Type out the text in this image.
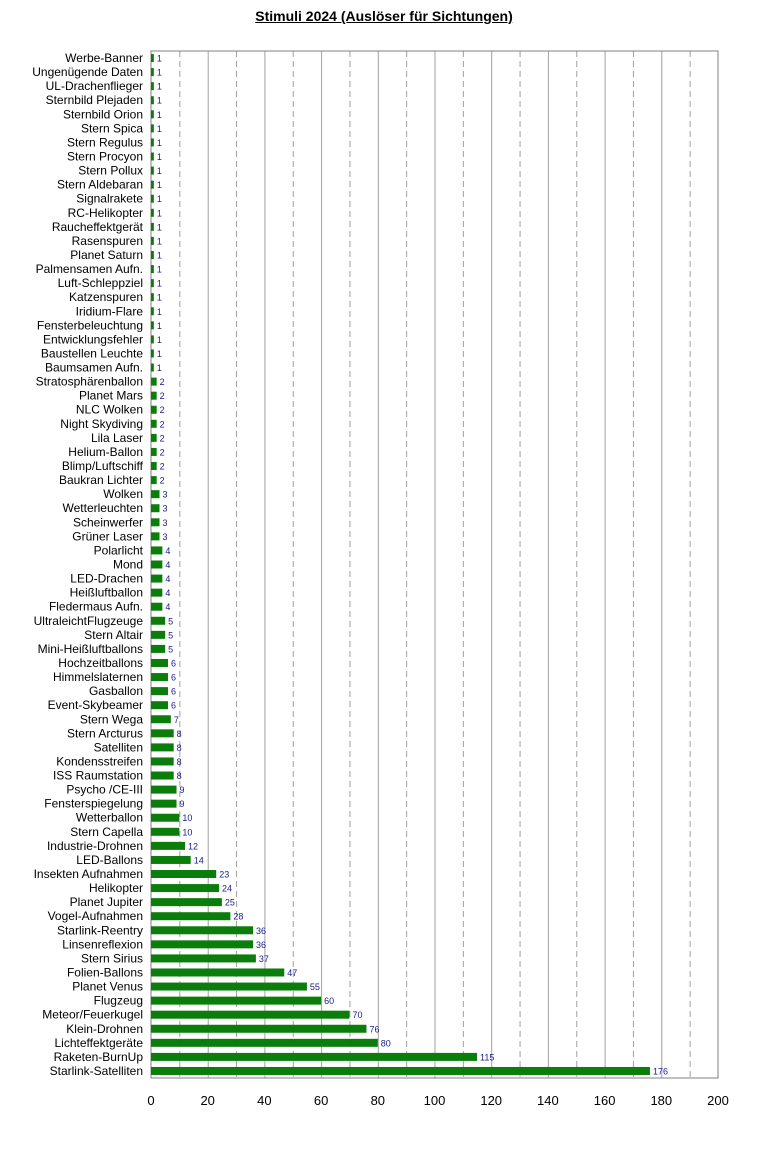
Stimuli 2024 (Auslöser für Sichtungen)
Werbe-Banner
Ungenügende Daten
UL-Drachenflieger
Sternbild Plejaden
Sternbild Orion
Stern Spica
Stern Regulus
Stern Procyon
Stern Pollux
Stern Aldebaran
Signalrakete
RC-Helikopter
Raucheffektgerät
Rasenspuren
Planet Saturn
Palmensamen Aufn.
Luft-Schleppziel
Katzenspuren
Iridium-Flare
Fensterbeleuchtung
Entwicklungsfehler
Baustellen Leuchte
Baumsamen Aufn.
Stratosphärenballon
Planet Mars
NLC Wolken
Night Skydiving
Lila Laser
Helium-Ballon
Blimp/Luftschiff
Baukran Lichter
Wolken
Wetterleuchten
Scheinwerfer
Grüner Laser
Polarlicht
Mond
LED-Drachen
Heißluftballon
Fledermaus Aufn.
UltraleichtFlugzeuge
Stern Altair
Mini-Heißluftballons
Hochzeitballons
Himmelslaternen
Gasballon
Event-Skybeamer
Stern Wega
Stern Arcturus
Satelliten
Kondensstreifen
ISS Raumstation
Psycho /CE-III
Fensterspiegelung
Wetterballon
Stern Capella
Industrie-Drohnen
LED-Ballons
Insekten Aufnahmen
Helikopter
Planet Jupiter
Vogel-Aufnahmen
Starlink-Reentry
Linsenreflexion
Stern Sirius
Folien-Ballons
Planet Venus
Flugzeug
Meteor/Feuerkugel
Klein-Drohnen
Lichteffektgeräte
Raketen-BurnUp
Starlink-Satelliten
1
1
1
1
1
1
1
1
1
1
1
1
1
1
1
1
1
1
1
1
1
1
1
2
2
2
2
2
2
2
2
3
3
3
3
4
4
4
4
4
5
5
5
6
6
6
6
7
8
8
8
8
9
9
10
10
12
14
23
24
25
28
36
36
37
47
55
60
70
76
80
115
176
0	20	40	60	80	100	120	140	160	180	200
